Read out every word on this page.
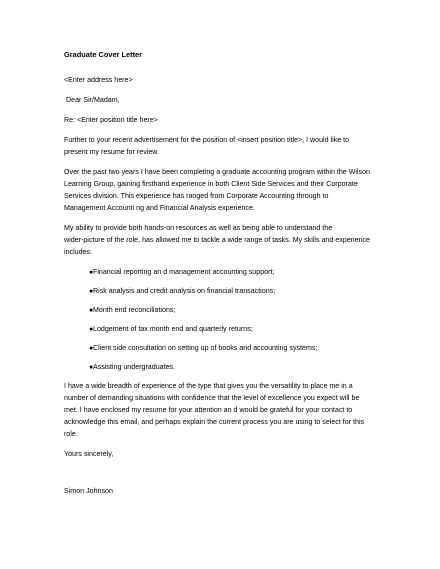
Graduate Cover Letter
<Enter address here>
Dear Sir/Madam,
Re: <Enter position title here>
Further to your recent advertisement for the position of <insert position title>, I would like to
present my resume for review.
Over the past two years I have been completing a graduate accounting program within the Wilson
Learning Group, gaining firsthand experience in both Client Side Services and their Corporate
Services division. This experience has ranged from Corporate Accounting through to
Management Accounti ng and Financial Analysis experience.
My ability to provide both hands-on resources as well as being able to understand the
wider-picture of the role, has allowed me to tackle a wide range of tasks. My skills and experience
includes:
●Financial reporting an d management accounting support;
●Risk analysis and credit analysis on financial transactions;
●Month end reconciliations;
●Lodgement of tax month end and quarterly returns;
●Client side consultation on setting up of books and accounting systems;
●Assisting undergraduates.
I have a wide breadth of experience of the type that gives you the versatility to place me in a
number of demanding situations with confidence that the level of excellence you expect will be
met. I have enclosed my resume for your attention an d would be grateful for your contact to
acknowledge this email, and perhaps explain the current process you are using to select for this
role.
Yours sincerely,
Simon Johnson
